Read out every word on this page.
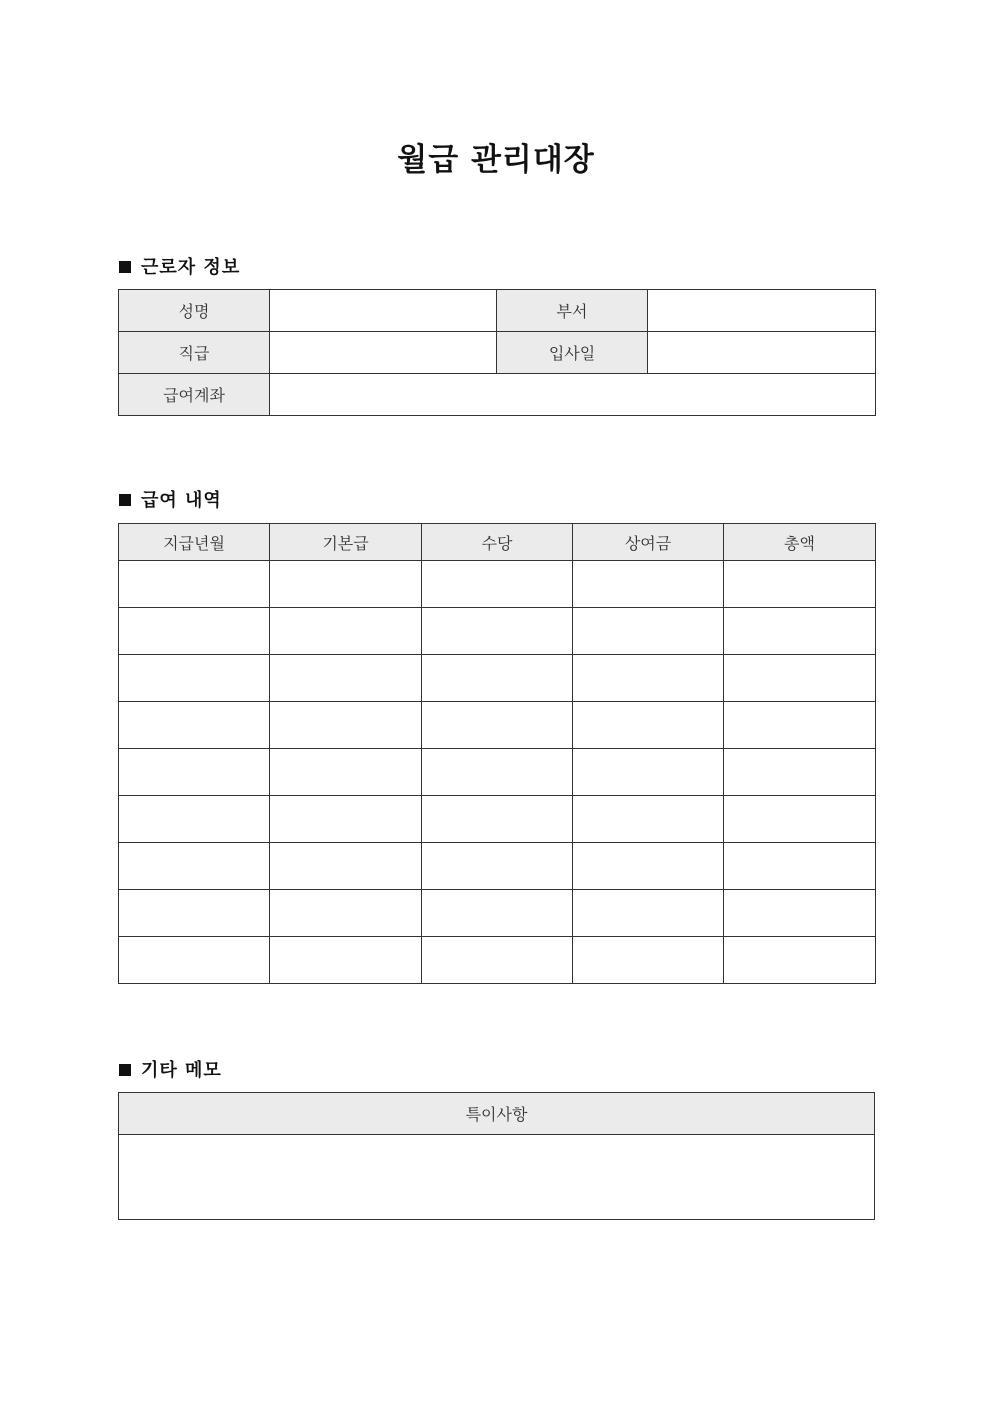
월급 관리대장
근로자 정보
성명		부서	
직급		입사일	
급여계좌			
급여 내역
지급년월	기본급	수당	상여금	총액

기타 메모
특이사항
